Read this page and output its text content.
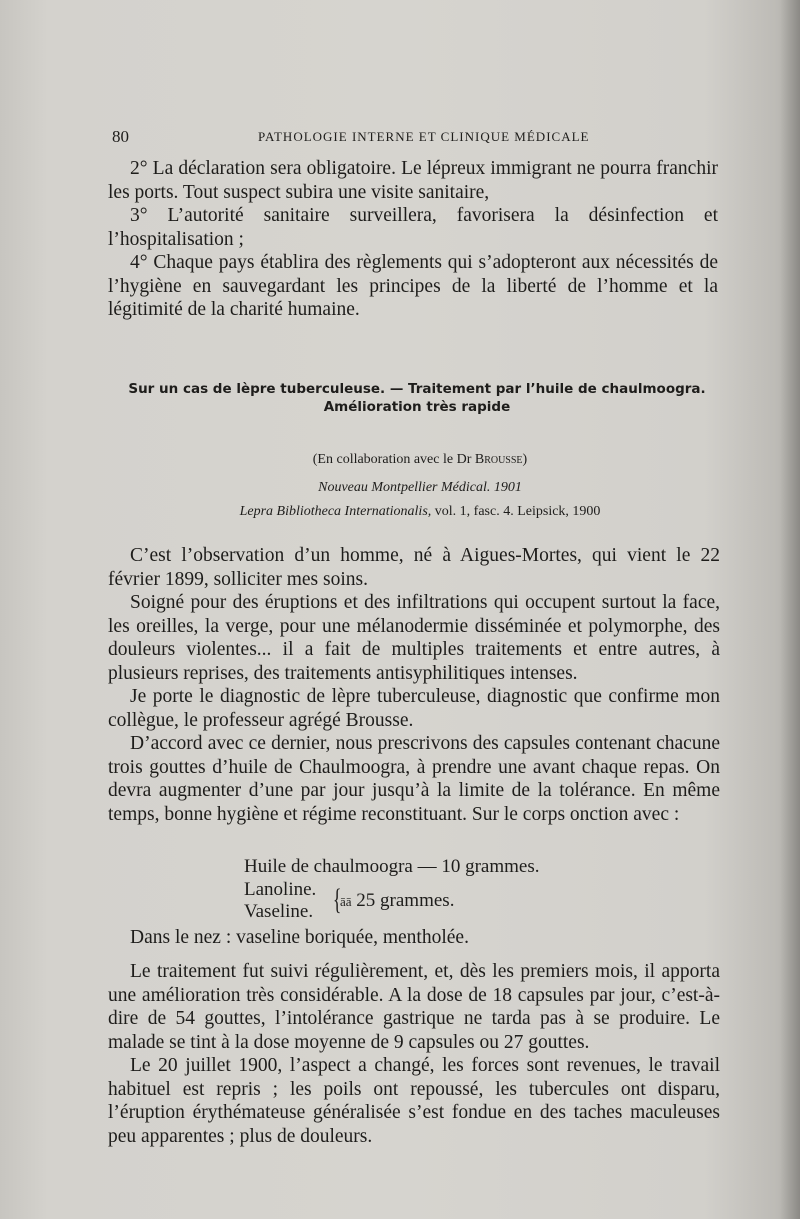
80	PATHOLOGIE INTERNE ET CLINIQUE MÉDICALE

2° La déclaration sera obligatoire. Le lépreux immigrant ne pourra franchir les ports. Tout suspect subira une visite sanitaire,

3° L’autorité sanitaire surveillera, favorisera la désinfection et l’hospitalisation ;

4° Chaque pays établira des règlements qui s’adopteront aux nécessités de l’hygiène en sauvegardant les principes de la liberté de l’homme et la légitimité de la charité humaine.

Sur un cas de lèpre tuberculeuse. — Traitement par l’huile de chaulmoogra.
Amélioration très rapide
(En collaboration avec le Dr Brousse)
Nouveau Montpellier Médical. 1901
Lepra Bibliotheca Internationalis, vol. 1, fasc. 4. Leipsick, 1900

C’est l’observation d’un homme, né à Aigues-Mortes, qui vient le 22 février 1899, solliciter mes soins.

Soigné pour des éruptions et des infiltrations qui occupent surtout la face, les oreilles, la verge, pour une mélanodermie disséminée et polymorphe, des douleurs violentes... il a fait de multiples traitements et entre autres, à plusieurs reprises, des traitements antisyphilitiques intenses.

Je porte le diagnostic de lèpre tuberculeuse, diagnostic que confirme mon collègue, le professeur agrégé Brousse.

D’accord avec ce dernier, nous prescrivons des capsules contenant chacune trois gouttes d’huile de Chaulmoogra, à prendre une avant chaque repas. On devra augmenter d’une par jour jusqu’à la limite de la tolérance. En même temps, bonne hygiène et régime reconstituant. Sur le corps onction avec :

Huile de chaulmoogra — 10 grammes.
Lanoline.
Vaseline. {
āā 25 grammes.
Dans le nez : vaseline boriquée, mentholée.

Le traitement fut suivi régulièrement, et, dès les premiers mois, il apporta une amélioration très considérable. A la dose de 18 capsules par jour, c’est-à-dire de 54 gouttes, l’intolérance gastrique ne tarda pas à se produire. Le malade se tint à la dose moyenne de 9 capsules ou 27 gouttes.

Le 20 juillet 1900, l’aspect a changé, les forces sont revenues, le travail habituel est repris ; les poils ont repoussé, les tubercules ont disparu, l’éruption érythémateuse généralisée s’est fondue en des taches maculeuses peu apparentes ; plus de douleurs.
